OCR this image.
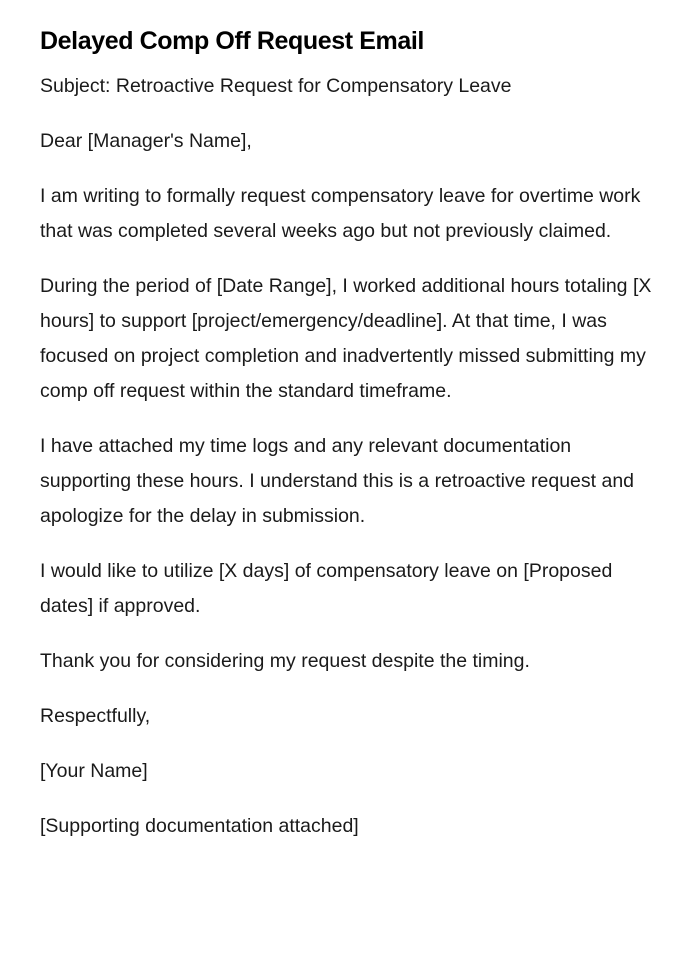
Delayed Comp Off Request Email

Subject: Retroactive Request for Compensatory Leave

Dear [Manager's Name],

I am writing to formally request compensatory leave for overtime work that was completed several weeks ago but not previously claimed.

During the period of [Date Range], I worked additional hours totaling [X hours] to support [project/emergency/deadline]. At that time, I was focused on project completion and inadvertently missed submitting my comp off request within the standard timeframe.

I have attached my time logs and any relevant documentation supporting these hours. I understand this is a retroactive request and apologize for the delay in submission.

I would like to utilize [X days] of compensatory leave on [Proposed dates] if approved.

Thank you for considering my request despite the timing.

Respectfully,

[Your Name]

[Supporting documentation attached]
